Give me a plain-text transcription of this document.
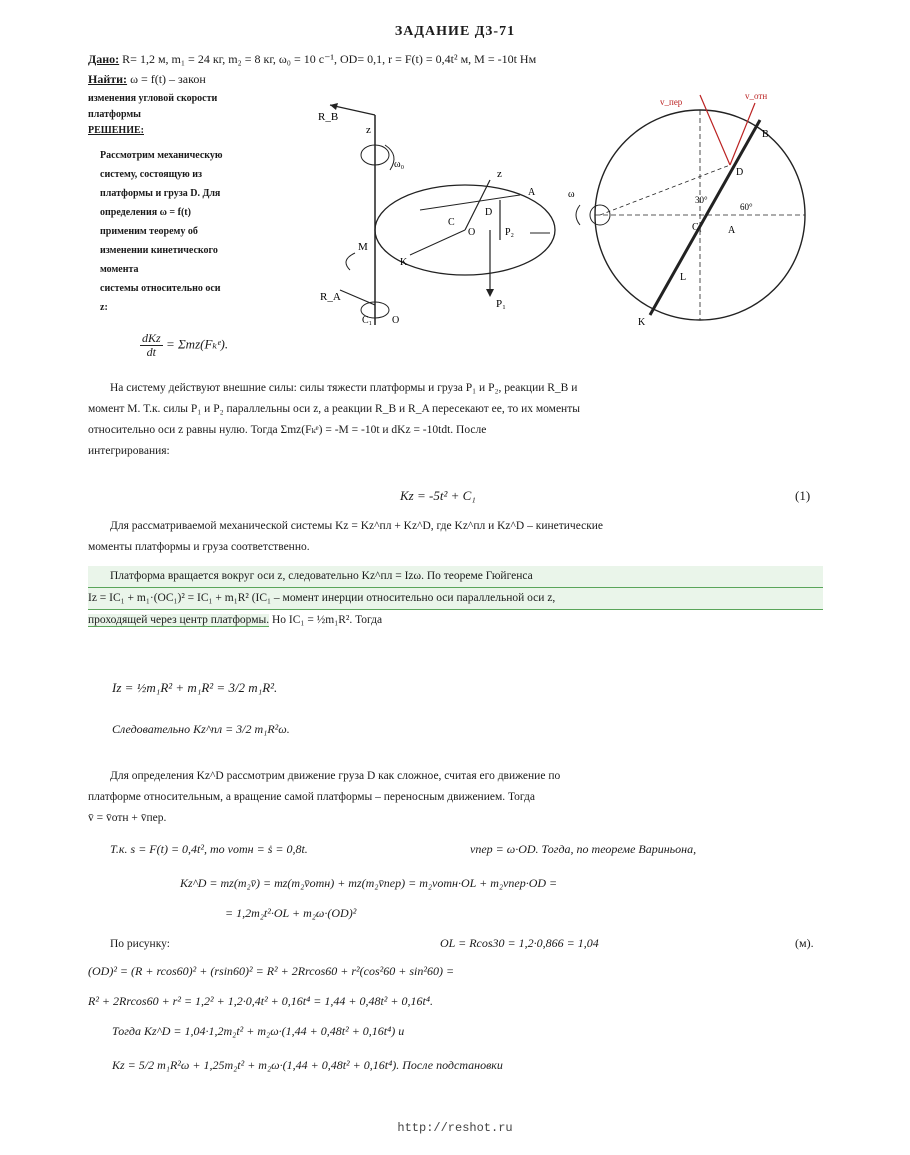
ЗАДАНИЕ Д3-71
Дано: R= 1,2 м, m₁ = 24 кг, m₂ = 8 кг, ω₀ = 10 с⁻¹, OD= 0,1, r = F(t) = 0,4t² м, M = -10t Нм
Найти: ω = f(t) – закон
изменения угловой скорости
платформы
РЕШЕНИЕ:
Рассмотрим механическую
систему, состоящую из
платформы и груза D. Для
определения ω = f(t)
применим теорему об
изменении кинетического
момента
системы относительно оси
z:
$\frac{\text{dKz}}{dt}$ = Σmz(Fₖᵉ).
R_B
z
ω₀
M
R_A
C₁ O
z
C
O
D
P₁
P₂
A
K
v_пер
v_отн
B
D
C₁
ω	30°
60°
A
L
K
На систему действуют внешние силы: силы тяжести платформы и груза P₁ и P₂, реакции R_B и
момент M. Т.к. силы P₁ и P₂ параллельны оси z, а реакции R_B и R_A пересекают ее, то их моменты
относительно оси z равны нулю. Тогда Σmz(Fₖᵉ) = -M = -10t и dKz = -10tdt. После
интегрирования:
Kz = -5t² + C₁	(1)
Для рассматриваемой механической системы Kz = Kz^пл + Kz^D, где Kz^пл и Kz^D – кинетические
моменты платформы и груза соответственно.
Платформа вращается вокруг оси z, следовательно Kz^пл = Izω. По теореме Гюйгенса
Iz = IC₁ + m₁·(OC₁)² = IC₁ + m₁R² (IC₁ – момент инерции относительно оси параллельной оси z,
проходящей через центр платформы. Но IC₁ = ½m₁R². Тогда
Iz = ½m₁R² + m₁R² = 3/2 m₁R².
Следовательно Kz^пл = 3/2 m₁R²ω.
Для определения Kz^D рассмотрим движение груза D как сложное, считая его движение по
платформе относительным, а вращение самой платформы – переносным движением. Тогда
v̄ = v̄отн + v̄пер.
Т.к. s = F(t) = 0,4t², то vотн = ṡ = 0,8t.	vпер = ω·OD. Тогда, по теореме Вариньона,
Kz^D = mz(m₂v̄) = mz(m₂v̄отн) + mz(m₂v̄пер) = m₂vотн·OL + m₂vпер·OD =
= 1,2m₂t²·OL + m₂ω·(OD)²
По рисунку:	OL = Rcos30 = 1,2·0,866 = 1,04	(м).
(OD)² = (R + rcos60)² + (rsin60)² = R² + 2Rrcos60 + r²(cos²60 + sin²60) =
R² + 2Rrcos60 + r² = 1,2² + 1,2·0,4t² + 0,16t⁴ = 1,44 + 0,48t² + 0,16t⁴.
Тогда Kz^D = 1,04·1,2m₂t² + m₂ω·(1,44 + 0,48t² + 0,16t⁴) и
Kz = 5/2 m₁R²ω + 1,25m₂t² + m₂ω·(1,44 + 0,48t² + 0,16t⁴). После подстановки
http://reshot.ru
